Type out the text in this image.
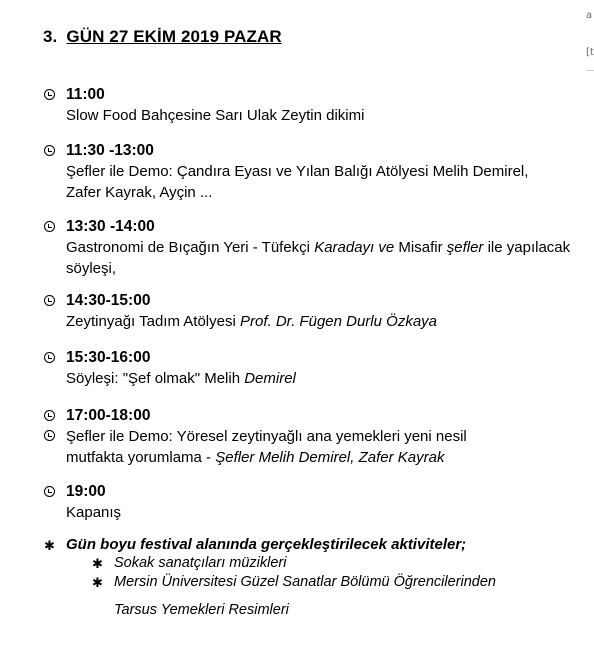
3. GÜN 27 EKİM 2019 PAZAR
11:00
Slow Food Bahçesine Sarı Ulak Zeytin dikimi
11:30 -13:00
Şefler ile Demo: Çandıra Eyası ve Yılan Balığı Atölyesi Melih Demirel,
Zafer Kayrak, Ayçin ...
13:30 -14:00
Gastronomi de Bıçağın Yeri - Tüfekçi Karadayı ve Misafir şefler ile yapılacak
söyleşi,
14:30-15:00
Zeytinyağı Tadım Atölyesi Prof. Dr. Fügen Durlu Özkaya
15:30-16:00
Söyleşi: "Şef olmak" Melih Demirel
17:00-18:00
Şefler ile Demo: Yöresel zeytinyağlı ana yemekleri yeni nesil
mutfakta yorumlama - Şefler Melih Demirel, Zafer Kayrak
19:00
Kapanış
✱ Gün boyu festival alanında gerçekleştirilecek aktiviteler;
✱ Sokak sanatçıları müzikleri
✱ Mersin Üniversitesi Güzel Sanatlar Bölümü Öğrencilerinden
Tarsus Yemekleri Resimleri
a
[t
